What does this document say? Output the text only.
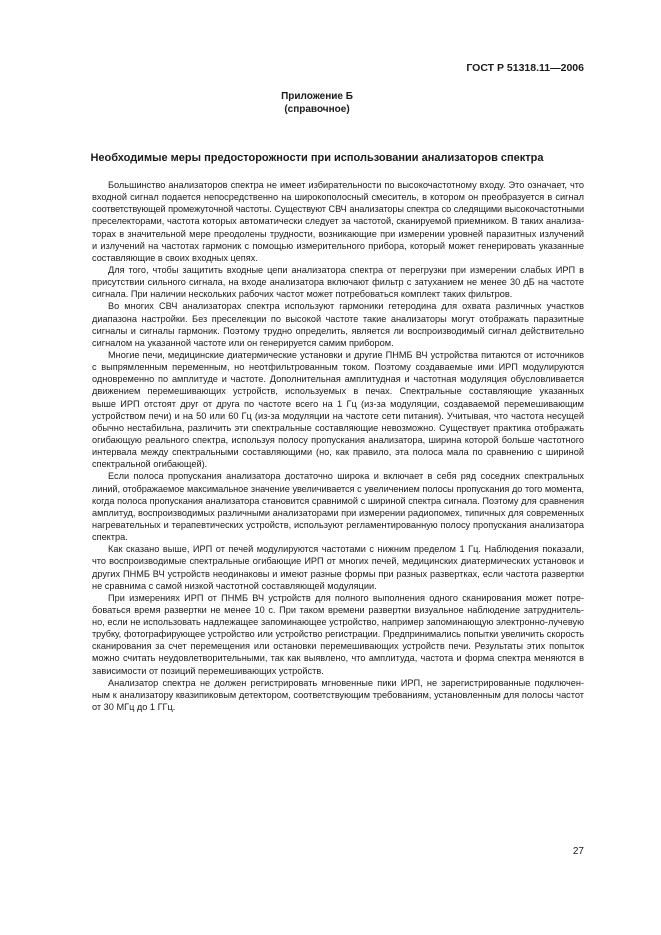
ГОСТ Р 51318.11—2006
Приложение Б
(справочное)
Необходимые меры предосторожности при использовании анализаторов спектра
Большинство анализаторов спектра не имеет избирательности по высокочастотному входу. Это означает, что
входной сигнал подается непосредственно на широкополосный смеситель, в котором он преобразуется в сигнал
соответствующей промежуточной частоты. Существуют СВЧ анализаторы спектра со следящими высокочастотными
преселекторами, частота которых автоматически следует за частотой, сканируемой приемником. В таких анализа-
торах в значительной мере преодолены трудности, возникающие при измерении уровней паразитных излучений
и излучений на частотах гармоник с помощью измерительного прибора, который может генерировать указанные
составляющие в своих входных цепях.
Для того, чтобы защитить входные цепи анализатора спектра от перегрузки при измерении слабых ИРП в
присутствии сильного сигнала, на входе анализатора включают фильтр с затуханием не менее 30 дБ на частоте
сигнала. При наличии нескольких рабочих частот может потребоваться комплект таких фильтров.
Во многих СВЧ анализаторах спектра используют гармоники гетеродина для охвата различных участков
диапазона настройки. Без преселекции по высокой частоте такие анализаторы могут отображать паразитные
сигналы и сигналы гармоник. Поэтому трудно определить, является ли воспроизводимый сигнал действительно
сигналом на указанной частоте или он генерируется самим прибором.
Многие печи, медицинские диатермические установки и другие ПНМБ ВЧ устройства питаются от источников
с выпрямленным переменным, но неотфильтрованным током. Поэтому создаваемые ими ИРП модулируются
одновременно по амплитуде и частоте. Дополнительная амплитудная и частотная модуляция обусловливается
движением перемешивающих устройств, используемых в печах. Спектральные составляющие указанных
выше ИРП отстоят друг от друга по частоте всего на 1 Гц (из-за модуляции, создаваемой перемешивающим
устройством печи) и на 50 или 60 Гц (из-за модуляции на частоте сети питания). Учитывая, что частота несущей
обычно нестабильна, различить эти спектральные составляющие невозможно. Существует практика отображать
огибающую реального спектра, используя полосу пропускания анализатора, ширина которой больше частотного
интервала между спектральными составляющими (но, как правило, эта полоса мала по сравнению с шириной
спектральной огибающей).
Если полоса пропускания анализатора достаточно широка и включает в себя ряд соседних спектральных
линий, отображаемое максимальное значение увеличивается с увеличением полосы пропускания до того момента,
когда полоса пропускания анализатора становится сравнимой с шириной спектра сигнала. Поэтому для сравнения
амплитуд, воспроизводимых различными анализаторами при измерении радиопомех, типичных для современных
нагревательных и терапевтических устройств, используют регламентированную полосу пропускания анализатора
спектра.
Как сказано выше, ИРП от печей модулируются частотами с нижним пределом 1 Гц. Наблюдения показали,
что воспроизводимые спектральные огибающие ИРП от многих печей, медицинских диатермических установок и
других ПНМБ ВЧ устройств неодинаковы и имеют разные формы при разных развертках, если частота развертки
не сравнима с самой низкой частотной составляющей модуляции.
При измерениях ИРП от ПНМБ ВЧ устройств для полного выполнения одного сканирования может потре-
боваться время развертки не менее 10 с. При таком времени развертки визуальное наблюдение затруднитель-
но, если не использовать надлежащее запоминающее устройство, например запоминающую электронно-лучевую
трубку, фотографирующее устройство или устройство регистрации. Предпринимались попытки увеличить скорость
сканирования за счет перемещения или остановки перемешивающих устройств печи. Результаты этих попыток
можно считать неудовлетворительными, так как выявлено, что амплитуда, частота и форма спектра меняются в
зависимости от позиций перемешивающих устройств.
Анализатор спектра не должен регистрировать мгновенные пики ИРП, не зарегистрированные подключен-
ным к анализатору квазипиковым детектором, соответствующим требованиям, установленным для полосы частот
от 30 МГц до 1 ГГц.
27
